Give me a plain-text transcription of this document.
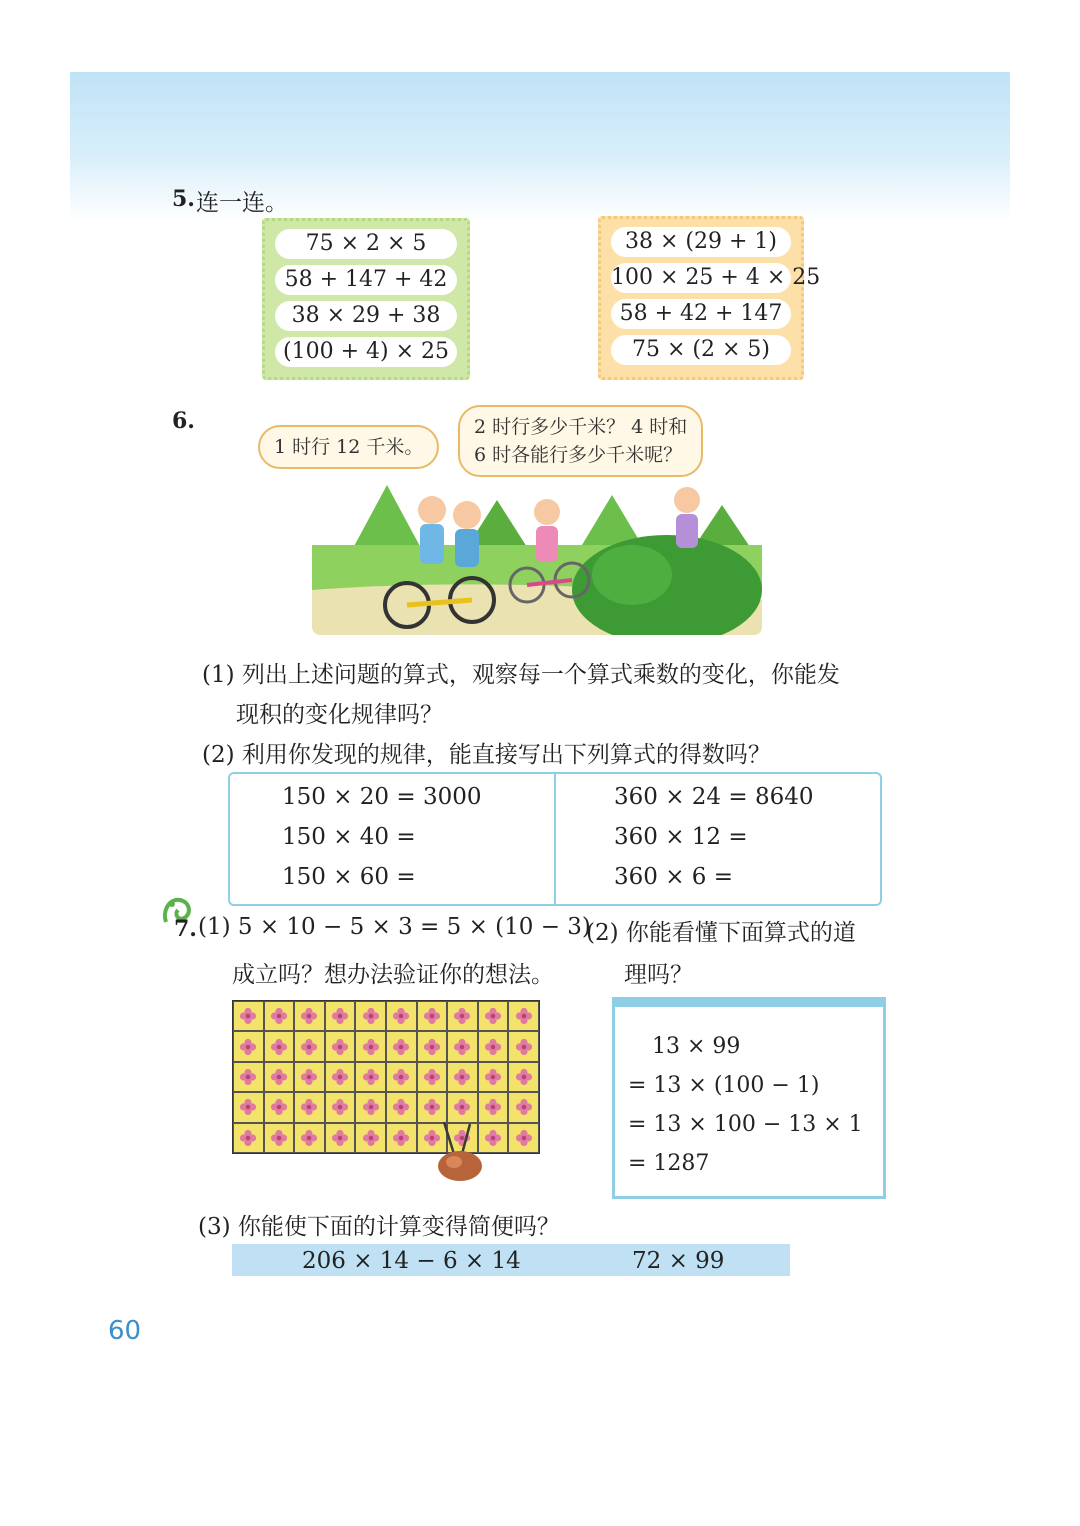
5. 连一连。
75 × 2 × 5
58 + 147 + 42
38 × 29 + 38
(100 + 4) × 25
38 × (29 + 1)
100 × 25 + 4 × 25
58 + 42 + 147
75 × (2 × 5)
6.
1 时行 12 千米。
2 时行多少千米？ 4 时和
6 时各能行多少千米呢？
(1) 列出上述问题的算式，观察每一个算式乘数的变化，你能发
现积的变化规律吗？
(2) 利用你发现的规律，能直接写出下列算式的得数吗？
150 × 20 = 3000
150 × 40 =
150 × 60 =
360 × 24 = 8640
360 × 12 =
360 × 6 =
7. (1) 5 × 10 − 5 × 3 = 5 × (10 − 3)
成立吗？想办法验证你的想法。
(2) 你能看懂下面算式的道
理吗？
13 × 99
= 13 × (100 − 1)
= 13 × 100 − 13 × 1
= 1287
(3) 你能使下面的计算变得简便吗？
206 × 14 − 6 × 14	72 × 99
60
